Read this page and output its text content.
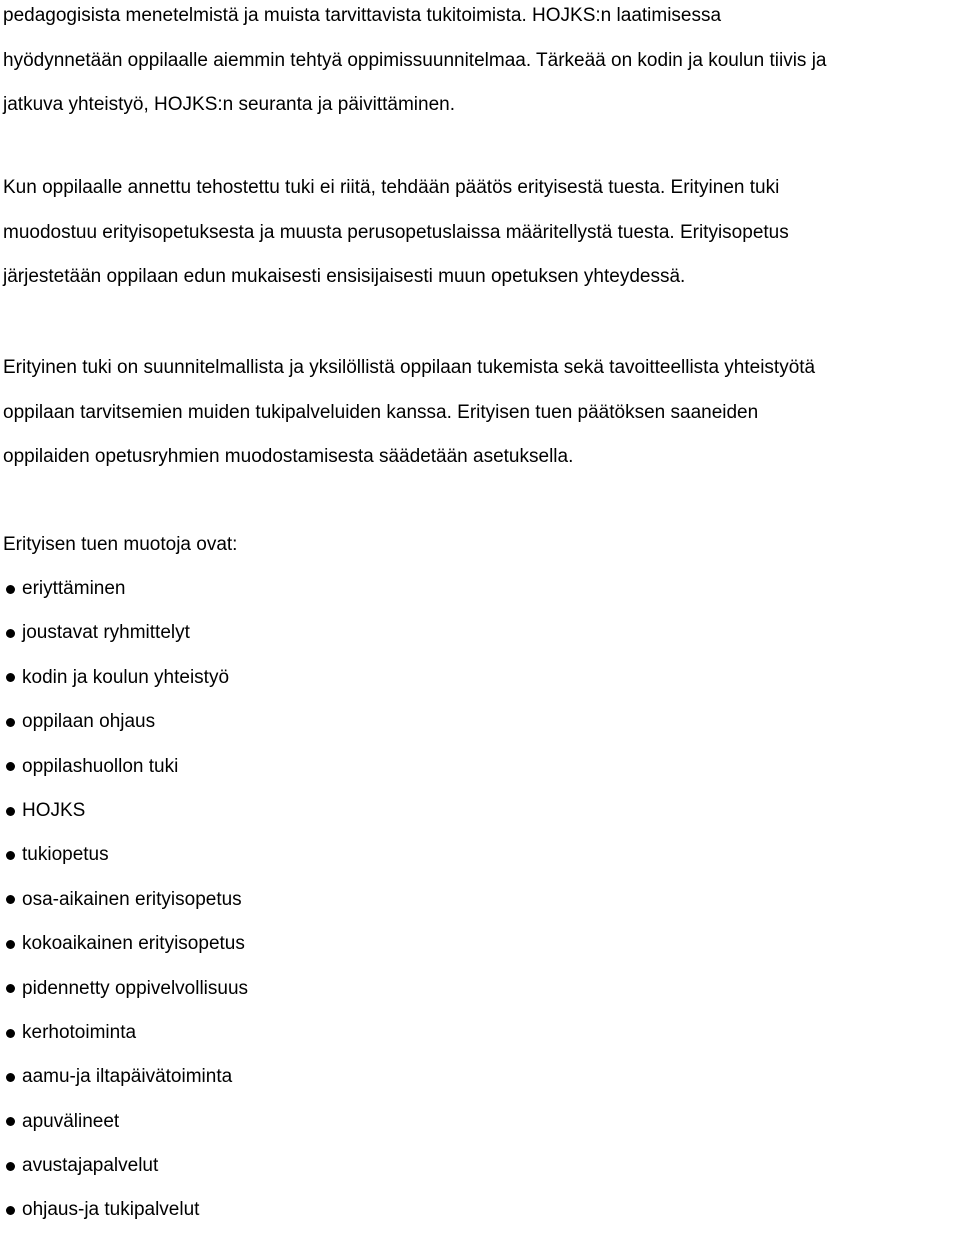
pedagogisista menetelmistä ja muista tarvittavista tukitoimista. HOJKS:n laatimisessa
hyödynnetään oppilaalle aiemmin tehtyä oppimissuunnitelmaa. Tärkeää on kodin ja koulun tiivis ja
jatkuva yhteistyö, HOJKS:n seuranta ja päivittäminen.

Kun oppilaalle annettu tehostettu tuki ei riitä, tehdään päätös erityisestä tuesta. Erityinen tuki
muodostuu erityisopetuksesta ja muusta perusopetuslaissa määritellystä tuesta. Erityisopetus
järjestetään oppilaan edun mukaisesti ensisijaisesti muun opetuksen yhteydessä.

Erityinen tuki on suunnitelmallista ja yksilöllistä oppilaan tukemista sekä tavoitteellista yhteistyötä
oppilaan tarvitsemien muiden tukipalveluiden kanssa. Erityisen tuen päätöksen saaneiden
oppilaiden opetusryhmien muodostamisesta säädetään asetuksella.

Erityisen tuen muotoja ovat:

eriyttäminen
joustavat ryhmittelyt
kodin ja koulun yhteistyö
oppilaan ohjaus
oppilashuollon tuki
HOJKS
tukiopetus
osa-aikainen erityisopetus
kokoaikainen erityisopetus
pidennetty oppivelvollisuus
kerhotoiminta
aamu-ja iltapäivätoiminta
apuvälineet
avustajapalvelut
ohjaus-ja tukipalvelut
